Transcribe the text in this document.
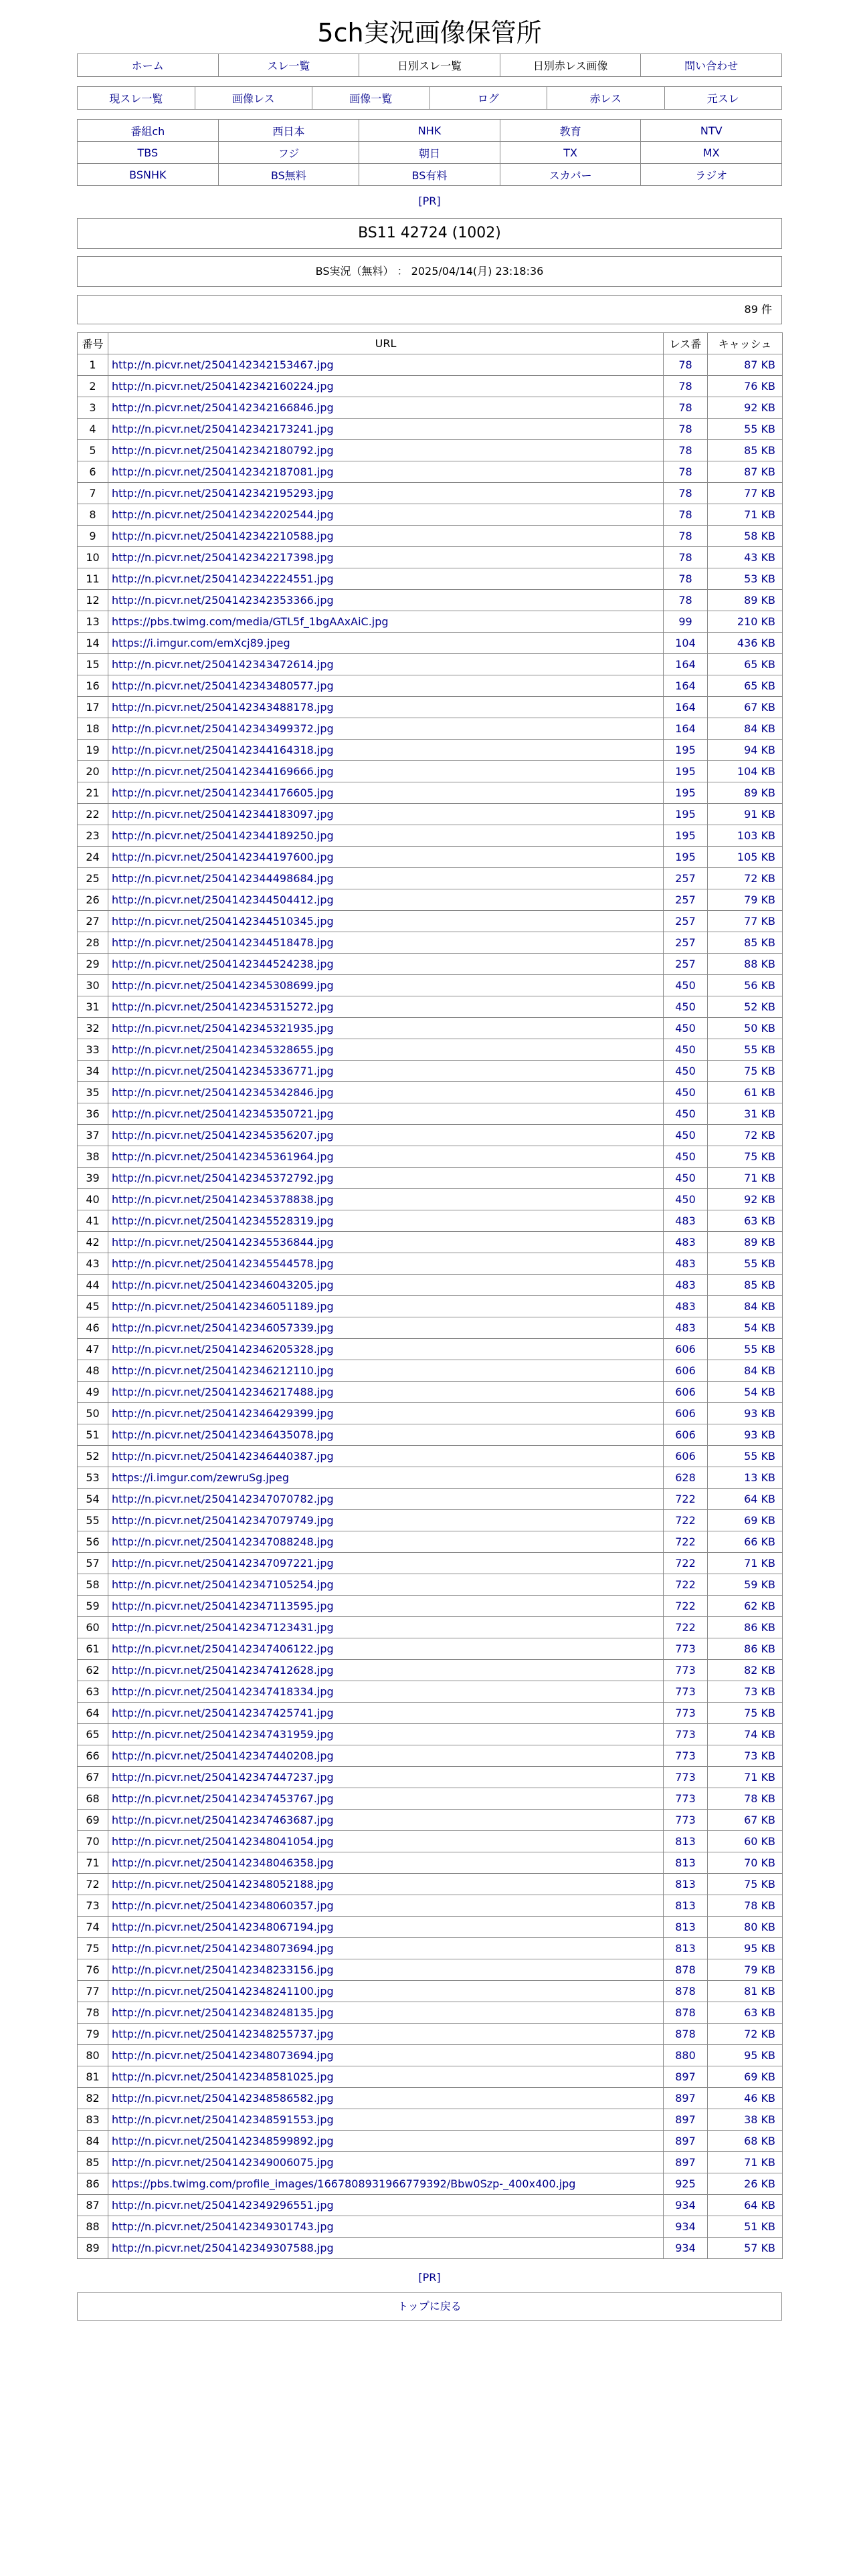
5ch実況画像保管所
ホーム	スレ一覧	日別スレ一覧	日別赤レス画像	問い合わせ
現スレ一覧	画像レス	画像一覧	ログ	赤レス	元スレ
番組ch	西日本	NHK	教育	NTV
TBS	フジ	朝日	TX	MX
BSNHK	BS無料	BS有料	スカパー	ラジオ
[PR]
BS11 42724 (1002)
BS実況（無料） ： 2025/04/14(月) 23:18:36
89 件
番号	URL	レス番	キャッシュ
1	http://n.picvr.net/2504142342153467.jpg	78	87 KB
2	http://n.picvr.net/2504142342160224.jpg	78	76 KB
3	http://n.picvr.net/2504142342166846.jpg	78	92 KB
4	http://n.picvr.net/2504142342173241.jpg	78	55 KB
5	http://n.picvr.net/2504142342180792.jpg	78	85 KB
6	http://n.picvr.net/2504142342187081.jpg	78	87 KB
7	http://n.picvr.net/2504142342195293.jpg	78	77 KB
8	http://n.picvr.net/2504142342202544.jpg	78	71 KB
9	http://n.picvr.net/2504142342210588.jpg	78	58 KB
10	http://n.picvr.net/2504142342217398.jpg	78	43 KB
11	http://n.picvr.net/2504142342224551.jpg	78	53 KB
12	http://n.picvr.net/2504142342353366.jpg	78	89 KB
13	https://pbs.twimg.com/media/GTL5f_1bgAAxAiC.jpg	99	210 KB
14	https://i.imgur.com/emXcj89.jpeg	104	436 KB
15	http://n.picvr.net/2504142343472614.jpg	164	65 KB
16	http://n.picvr.net/2504142343480577.jpg	164	65 KB
17	http://n.picvr.net/2504142343488178.jpg	164	67 KB
18	http://n.picvr.net/2504142343499372.jpg	164	84 KB
19	http://n.picvr.net/2504142344164318.jpg	195	94 KB
20	http://n.picvr.net/2504142344169666.jpg	195	104 KB
21	http://n.picvr.net/2504142344176605.jpg	195	89 KB
22	http://n.picvr.net/2504142344183097.jpg	195	91 KB
23	http://n.picvr.net/2504142344189250.jpg	195	103 KB
24	http://n.picvr.net/2504142344197600.jpg	195	105 KB
25	http://n.picvr.net/2504142344498684.jpg	257	72 KB
26	http://n.picvr.net/2504142344504412.jpg	257	79 KB
27	http://n.picvr.net/2504142344510345.jpg	257	77 KB
28	http://n.picvr.net/2504142344518478.jpg	257	85 KB
29	http://n.picvr.net/2504142344524238.jpg	257	88 KB
30	http://n.picvr.net/2504142345308699.jpg	450	56 KB
31	http://n.picvr.net/2504142345315272.jpg	450	52 KB
32	http://n.picvr.net/2504142345321935.jpg	450	50 KB
33	http://n.picvr.net/2504142345328655.jpg	450	55 KB
34	http://n.picvr.net/2504142345336771.jpg	450	75 KB
35	http://n.picvr.net/2504142345342846.jpg	450	61 KB
36	http://n.picvr.net/2504142345350721.jpg	450	31 KB
37	http://n.picvr.net/2504142345356207.jpg	450	72 KB
38	http://n.picvr.net/2504142345361964.jpg	450	75 KB
39	http://n.picvr.net/2504142345372792.jpg	450	71 KB
40	http://n.picvr.net/2504142345378838.jpg	450	92 KB
41	http://n.picvr.net/2504142345528319.jpg	483	63 KB
42	http://n.picvr.net/2504142345536844.jpg	483	89 KB
43	http://n.picvr.net/2504142345544578.jpg	483	55 KB
44	http://n.picvr.net/2504142346043205.jpg	483	85 KB
45	http://n.picvr.net/2504142346051189.jpg	483	84 KB
46	http://n.picvr.net/2504142346057339.jpg	483	54 KB
47	http://n.picvr.net/2504142346205328.jpg	606	55 KB
48	http://n.picvr.net/2504142346212110.jpg	606	84 KB
49	http://n.picvr.net/2504142346217488.jpg	606	54 KB
50	http://n.picvr.net/2504142346429399.jpg	606	93 KB
51	http://n.picvr.net/2504142346435078.jpg	606	93 KB
52	http://n.picvr.net/2504142346440387.jpg	606	55 KB
53	https://i.imgur.com/zewruSg.jpeg	628	13 KB
54	http://n.picvr.net/2504142347070782.jpg	722	64 KB
55	http://n.picvr.net/2504142347079749.jpg	722	69 KB
56	http://n.picvr.net/2504142347088248.jpg	722	66 KB
57	http://n.picvr.net/2504142347097221.jpg	722	71 KB
58	http://n.picvr.net/2504142347105254.jpg	722	59 KB
59	http://n.picvr.net/2504142347113595.jpg	722	62 KB
60	http://n.picvr.net/2504142347123431.jpg	722	86 KB
61	http://n.picvr.net/2504142347406122.jpg	773	86 KB
62	http://n.picvr.net/2504142347412628.jpg	773	82 KB
63	http://n.picvr.net/2504142347418334.jpg	773	73 KB
64	http://n.picvr.net/2504142347425741.jpg	773	75 KB
65	http://n.picvr.net/2504142347431959.jpg	773	74 KB
66	http://n.picvr.net/2504142347440208.jpg	773	73 KB
67	http://n.picvr.net/2504142347447237.jpg	773	71 KB
68	http://n.picvr.net/2504142347453767.jpg	773	78 KB
69	http://n.picvr.net/2504142347463687.jpg	773	67 KB
70	http://n.picvr.net/2504142348041054.jpg	813	60 KB
71	http://n.picvr.net/2504142348046358.jpg	813	70 KB
72	http://n.picvr.net/2504142348052188.jpg	813	75 KB
73	http://n.picvr.net/2504142348060357.jpg	813	78 KB
74	http://n.picvr.net/2504142348067194.jpg	813	80 KB
75	http://n.picvr.net/2504142348073694.jpg	813	95 KB
76	http://n.picvr.net/2504142348233156.jpg	878	79 KB
77	http://n.picvr.net/2504142348241100.jpg	878	81 KB
78	http://n.picvr.net/2504142348248135.jpg	878	63 KB
79	http://n.picvr.net/2504142348255737.jpg	878	72 KB
80	http://n.picvr.net/2504142348073694.jpg	880	95 KB
81	http://n.picvr.net/2504142348581025.jpg	897	69 KB
82	http://n.picvr.net/2504142348586582.jpg	897	46 KB
83	http://n.picvr.net/2504142348591553.jpg	897	38 KB
84	http://n.picvr.net/2504142348599892.jpg	897	68 KB
85	http://n.picvr.net/2504142349006075.jpg	897	71 KB
86	https://pbs.twimg.com/profile_images/1667808931966779392/Bbw0Szp-_400x400.jpg	925	26 KB
87	http://n.picvr.net/2504142349296551.jpg	934	64 KB
88	http://n.picvr.net/2504142349301743.jpg	934	51 KB
89	http://n.picvr.net/2504142349307588.jpg	934	57 KB
[PR]
トップに戻る
